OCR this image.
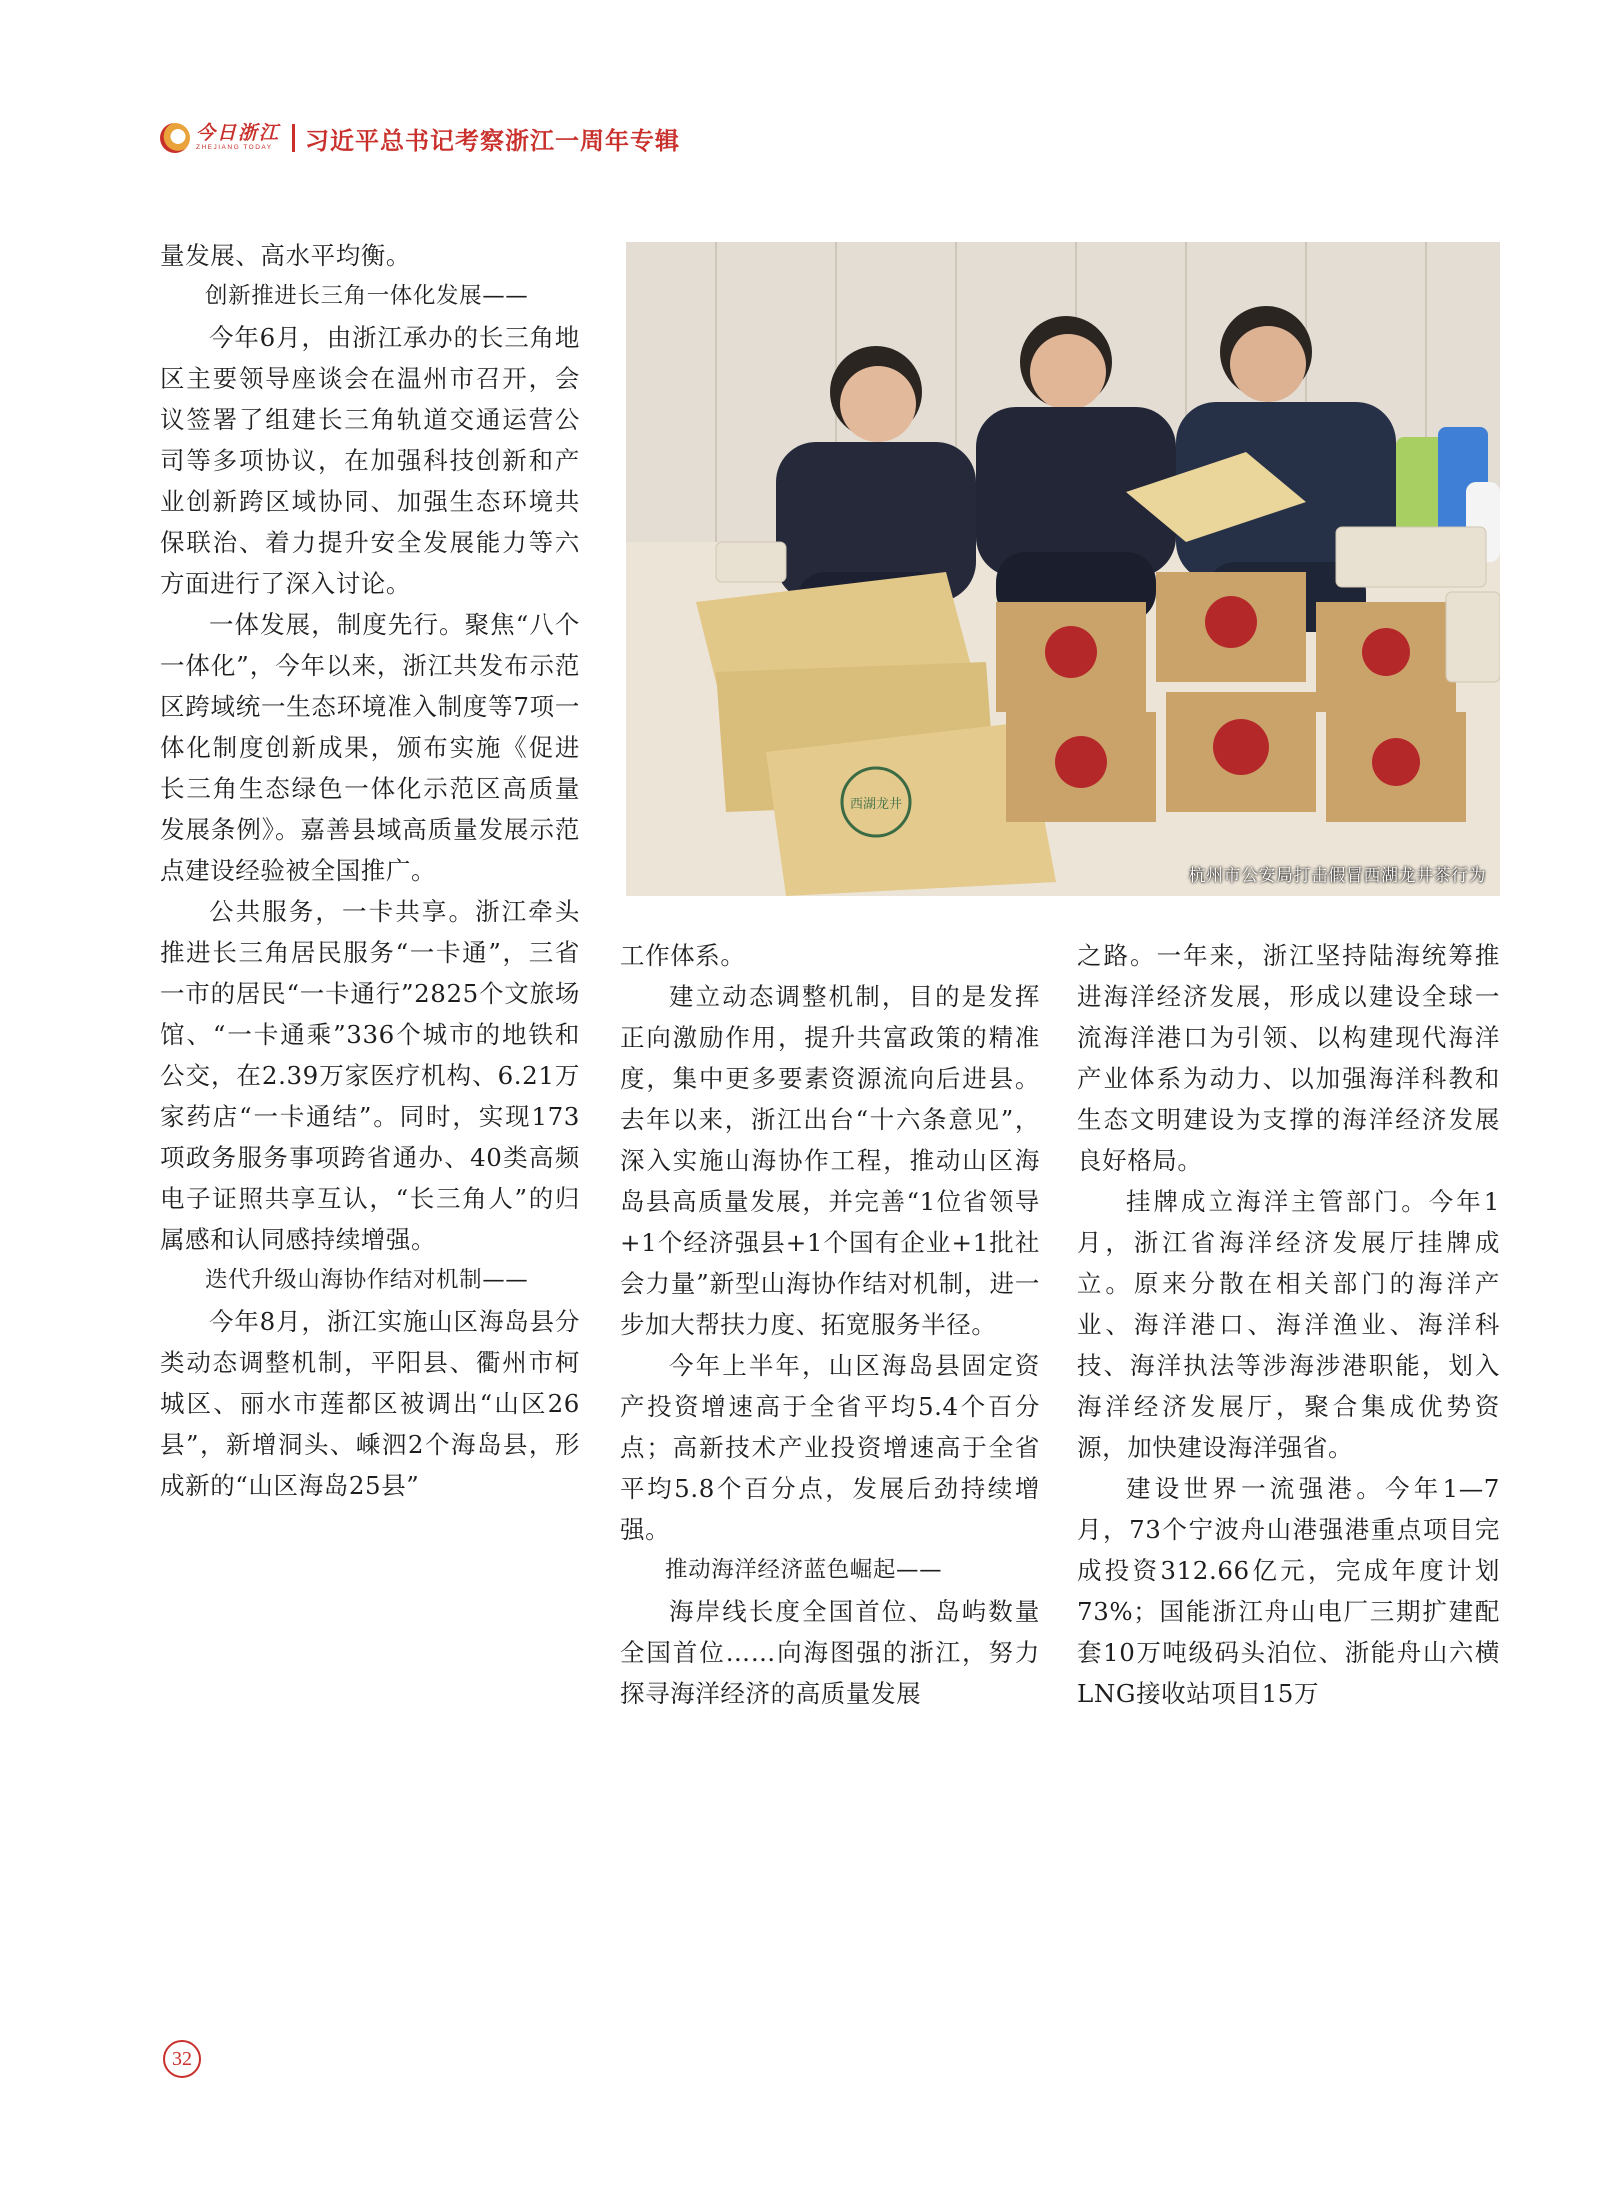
今日浙江
ZHEJIANG TODAY	习近平总书记考察浙江一周年专辑
西湖龙井
杭州市公安局打击假冒西湖龙井茶行为

量发展、高水平均衡。

创新推进长三角一体化发展——

今年6月，由浙江承办的长三角地区主要领导座谈会在温州市召开，会议签署了组建长三角轨道交通运营公司等多项协议，在加强科技创新和产业创新跨区域协同、加强生态环境共保联治、着力提升安全发展能力等六方面进行了深入讨论。

一体发展，制度先行。聚焦“八个一体化”，今年以来，浙江共发布示范区跨域统一生态环境准入制度等7项一体化制度创新成果，颁布实施《促进长三角生态绿色一体化示范区高质量发展条例》。嘉善县域高质量发展示范点建设经验被全国推广。

公共服务，一卡共享。浙江牵头推进长三角居民服务“一卡通”，三省一市的居民“一卡通行”2825个文旅场馆、“一卡通乘”336个城市的地铁和公交，在2.39万家医疗机构、6.21万家药店“一卡通结”。同时，实现173项政务服务事项跨省通办、40类高频电子证照共享互认，“长三角人”的归属感和认同感持续增强。

迭代升级山海协作结对机制——

今年8月，浙江实施山区海岛县分类动态调整机制，平阳县、衢州市柯城区、丽水市莲都区被调出“山区26县”，新增洞头、嵊泗2个海岛县，形成新的“山区海岛25县”

工作体系。

建立动态调整机制，目的是发挥正向激励作用，提升共富政策的精准度，集中更多要素资源流向后进县。去年以来，浙江出台“十六条意见”，深入实施山海协作工程，推动山区海岛县高质量发展，并完善“1位省领导+1个经济强县+1个国有企业+1批社会力量”新型山海协作结对机制，进一步加大帮扶力度、拓宽服务半径。

今年上半年，山区海岛县固定资产投资增速高于全省平均5.4个百分点；高新技术产业投资增速高于全省平均5.8个百分点，发展后劲持续增强。

推动海洋经济蓝色崛起——

海岸线长度全国首位、岛屿数量全国首位……向海图强的浙江，努力探寻海洋经济的高质量发展

之路。一年来，浙江坚持陆海统筹推进海洋经济发展，形成以建设全球一流海洋港口为引领、以构建现代海洋产业体系为动力、以加强海洋科教和生态文明建设为支撑的海洋经济发展良好格局。

挂牌成立海洋主管部门。今年1月，浙江省海洋经济发展厅挂牌成立。原来分散在相关部门的海洋产业、海洋港口、海洋渔业、海洋科技、海洋执法等涉海涉港职能，划入海洋经济发展厅，聚合集成优势资源，加快建设海洋强省。

建设世界一流强港。今年1—7月，73个宁波舟山港强港重点项目完成投资312.66亿元，完成年度计划73%；国能浙江舟山电厂三期扩建配套10万吨级码头泊位、浙能舟山六横LNG接收站项目15万

32
